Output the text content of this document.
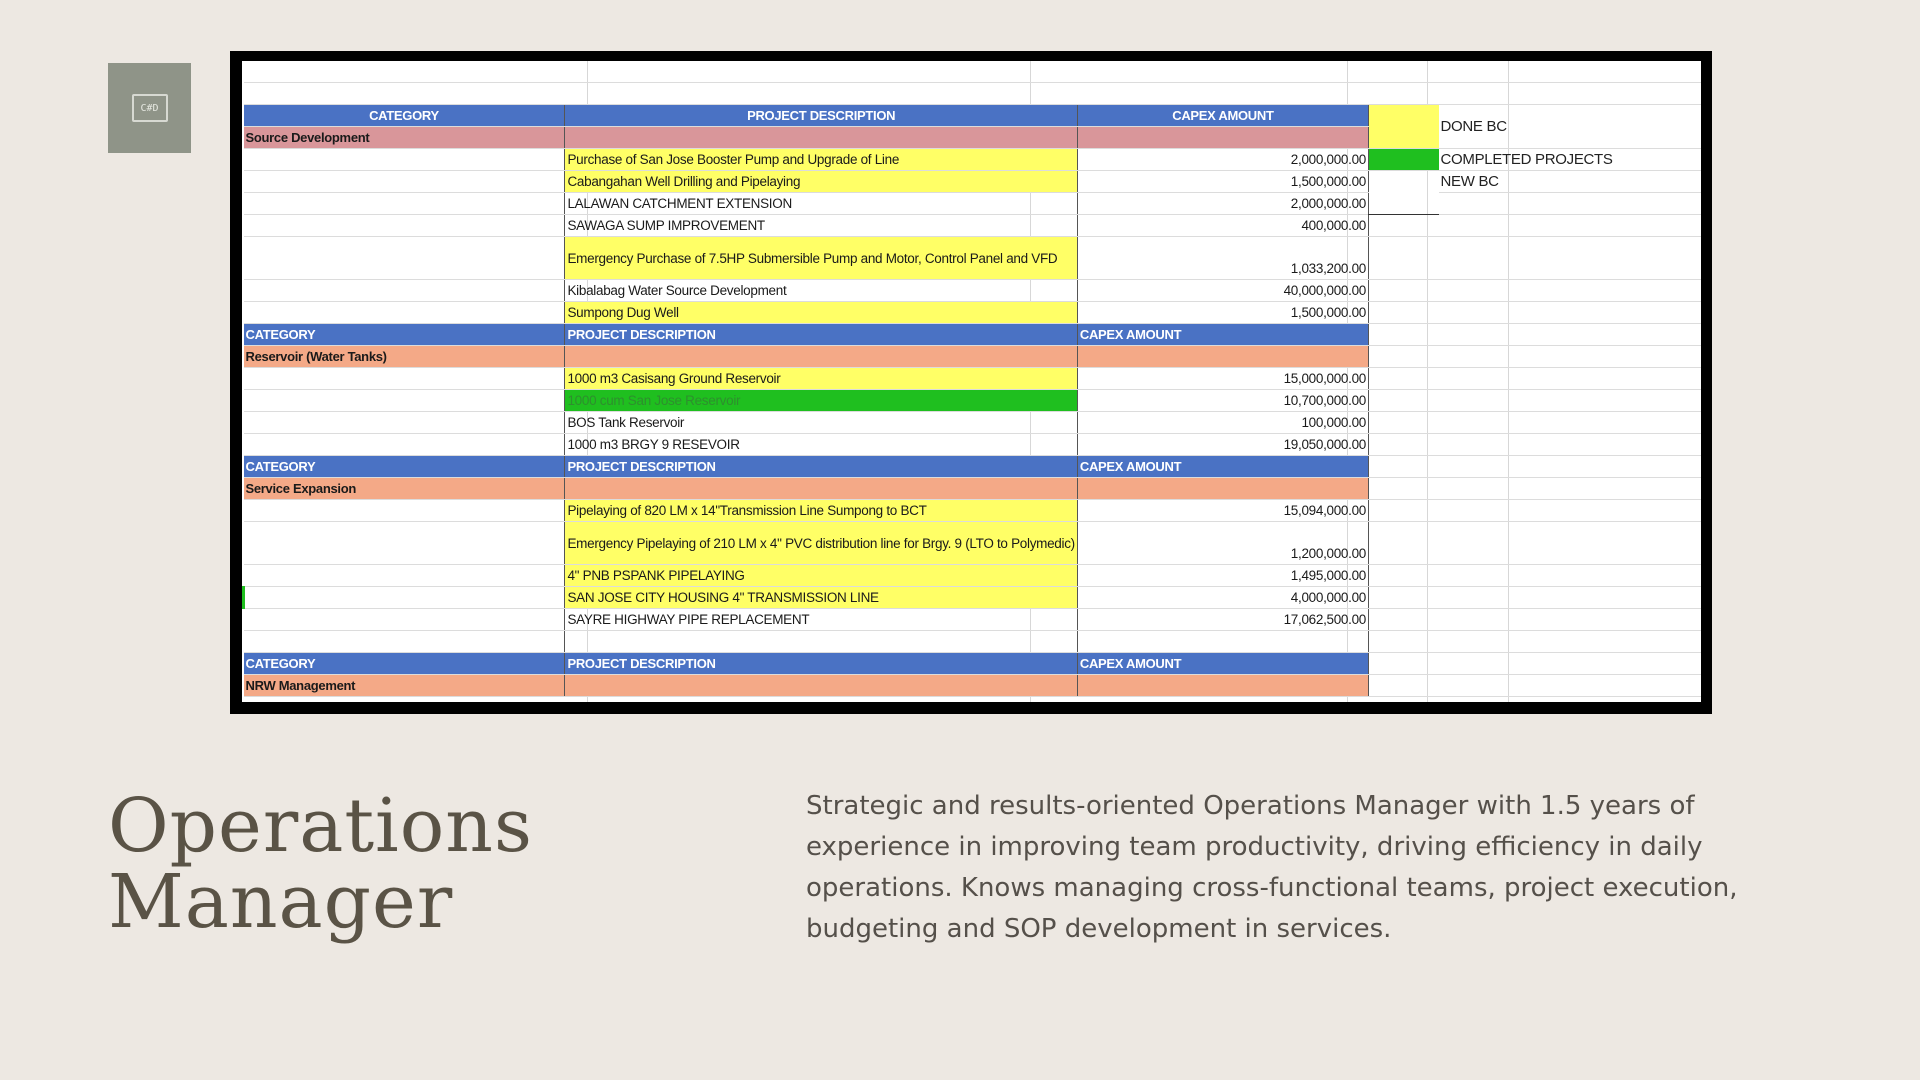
C#D

						CATEGORY	PROJECT DESCRIPTION	CAPEX AMOUNT		DONE BC	
Source Development					
	Purchase of San Jose Booster Pump and Upgrade of Line	2,000,000.00		COMPLETED PROJECTS	
	Cabangahan Well Drilling and Pipelaying	1,500,000.00		NEW BC	
	LALAWAN CATCHMENT EXTENSION	2,000,000.00			
	SAWAGA SUMP IMPROVEMENT	400,000.00			
	Emergency Purchase of 7.5HP Submersible Pump and Motor, Control Panel and VFD	1,033,200.00			
	Kibalabag Water Source Development	40,000,000.00			
	Sumpong Dug Well	1,500,000.00			
CATEGORY	PROJECT DESCRIPTION	CAPEX AMOUNT			
Reservoir (Water Tanks)					
	1000 m3 Casisang Ground Reservoir	15,000,000.00			
	1000 cum San Jose Reservoir	10,700,000.00			
	BOS Tank Reservoir	100,000.00			
	1000 m3 BRGY 9 RESEVOIR	19,050,000.00			
CATEGORY	PROJECT DESCRIPTION	CAPEX AMOUNT			
Service Expansion					
	Pipelaying of 820 LM x 14"Transmission Line Sumpong to BCT	15,094,000.00			
	Emergency Pipelaying of 210 LM x 4" PVC distribution line for Brgy. 9 (LTO to Polymedic)	1,200,000.00			
	4" PNB PSPANK PIPELAYING	1,495,000.00			
	SAN JOSE CITY HOUSING 4" TRANSMISSION LINE	4,000,000.00			
	SAYRE HIGHWAY PIPE REPLACEMENT	17,062,500.00			

CATEGORY	PROJECT DESCRIPTION	CAPEX AMOUNT			
NRW Management					
Operations
Manager

Strategic and results-oriented Operations Manager with 1.5 years of experience in improving team productivity, driving efficiency in daily operations. Knows managing cross-functional teams, project execution, budgeting and SOP development in services.
